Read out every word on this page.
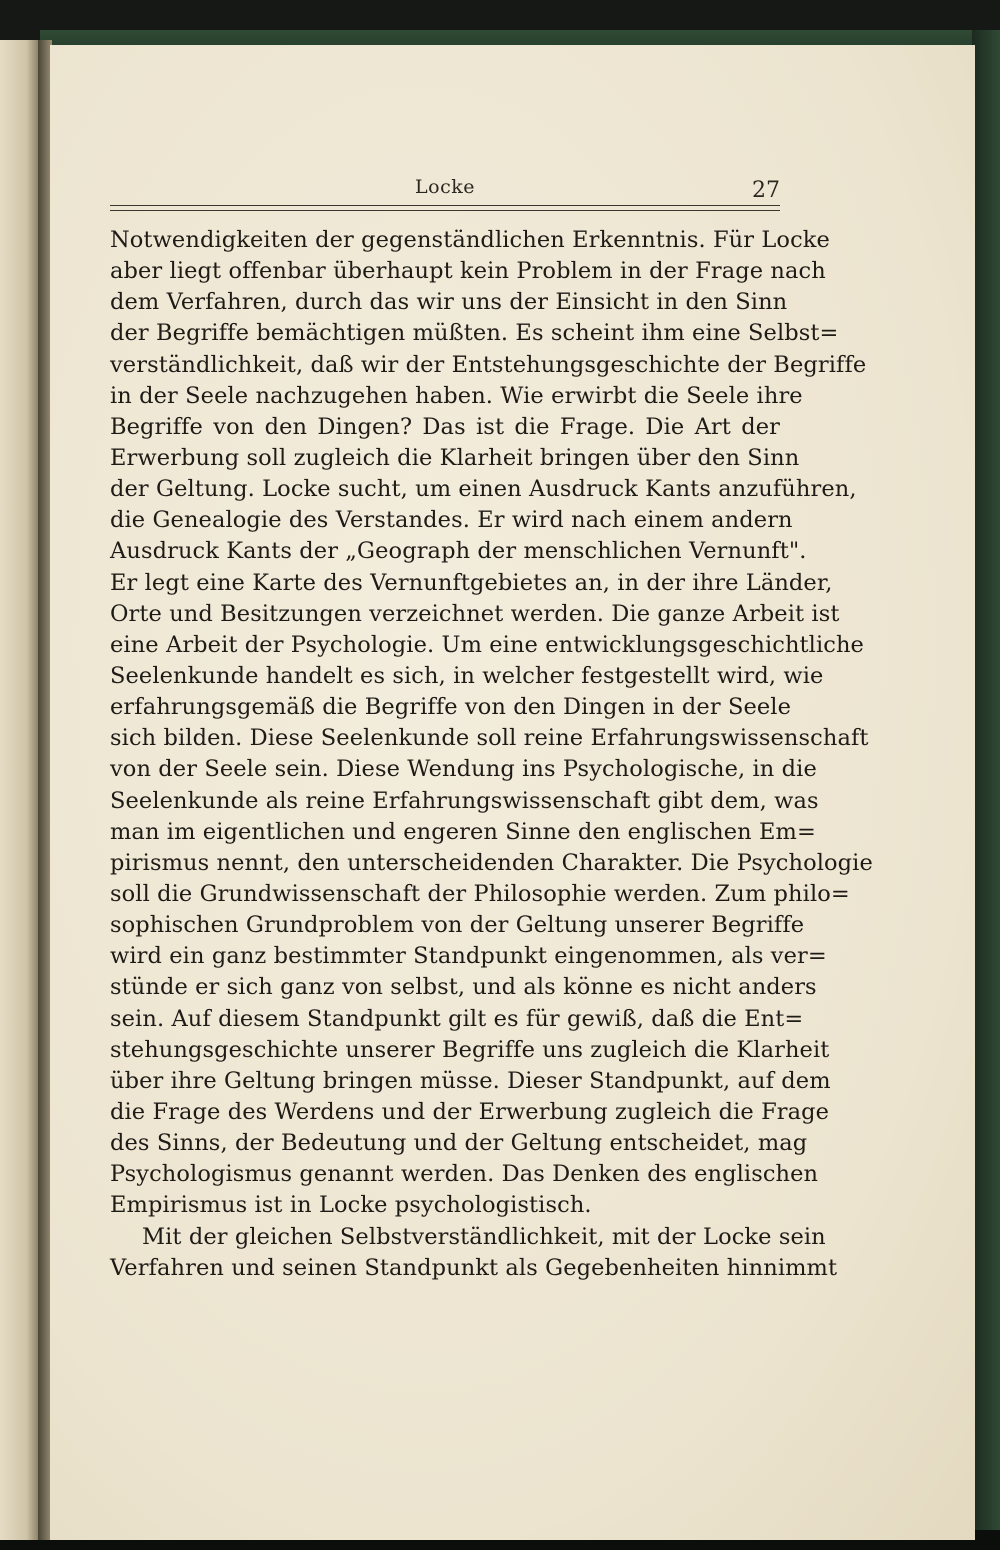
Locke	27
Notwendigkeiten der gegenständlichen Erkenntnis. Für Locke
aber liegt offenbar überhaupt kein Problem in der Frage nach
dem Verfahren, durch das wir uns der Einsicht in den Sinn
der Begriffe bemächtigen müßten. Es scheint ihm eine Selbst=
verständlichkeit, daß wir der Entstehungsgeschichte der Begriffe
in der Seele nachzugehen haben. Wie erwirbt die Seele ihre
Begriffe von den Dingen? Das ist die Frage. Die Art der
Erwerbung soll zugleich die Klarheit bringen über den Sinn
der Geltung. Locke sucht, um einen Ausdruck Kants anzuführen,
die Genealogie des Verstandes. Er wird nach einem andern
Ausdruck Kants der „Geograph der menschlichen Vernunft".
Er legt eine Karte des Vernunftgebietes an, in der ihre Länder,
Orte und Besitzungen verzeichnet werden. Die ganze Arbeit ist
eine Arbeit der Psychologie. Um eine entwicklungsgeschichtliche
Seelenkunde handelt es sich, in welcher festgestellt wird, wie
erfahrungsgemäß die Begriffe von den Dingen in der Seele
sich bilden. Diese Seelenkunde soll reine Erfahrungswissenschaft
von der Seele sein. Diese Wendung ins Psychologische, in die
Seelenkunde als reine Erfahrungswissenschaft gibt dem, was
man im eigentlichen und engeren Sinne den englischen Em=
pirismus nennt, den unterscheidenden Charakter. Die Psychologie
soll die Grundwissenschaft der Philosophie werden. Zum philo=
sophischen Grundproblem von der Geltung unserer Begriffe
wird ein ganz bestimmter Standpunkt eingenommen, als ver=
stünde er sich ganz von selbst, und als könne es nicht anders
sein. Auf diesem Standpunkt gilt es für gewiß, daß die Ent=
stehungsgeschichte unserer Begriffe uns zugleich die Klarheit
über ihre Geltung bringen müsse. Dieser Standpunkt, auf dem
die Frage des Werdens und der Erwerbung zugleich die Frage
des Sinns, der Bedeutung und der Geltung entscheidet, mag
Psychologismus genannt werden. Das Denken des englischen
Empirismus ist in Locke psychologistisch.
Mit der gleichen Selbstverständlichkeit, mit der Locke sein
Verfahren und seinen Standpunkt als Gegebenheiten hinnimmt
